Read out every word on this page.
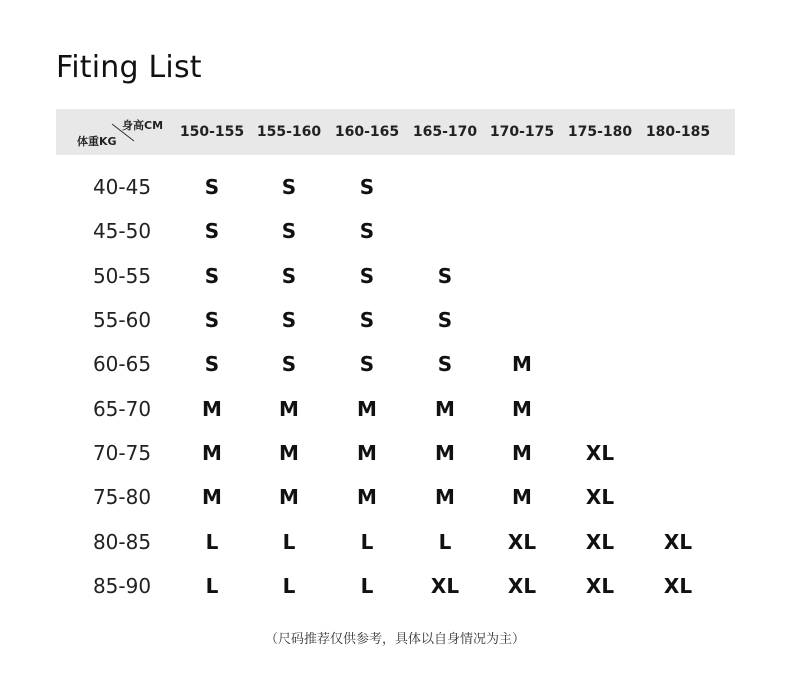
Fiting List
身高CM
体重KG
150-155 155-160 160-165 165-170 170-175 175-180 180-185
40-45	S	S	S
45-50	S	S	S
50-55	S	S	S	S
55-60	S	S	S	S
60-65	S	S	S	S	M
65-70	M	M	M	M	M
70-75	M	M	M	M	M	XL
75-80	M	M	M	M	M	XL
80-85	L	L	L	L	XL	XL	XL
85-90	L	L	L	XL	XL	XL	XL
（尺码推荐仅供参考，具体以自身情况为主）
